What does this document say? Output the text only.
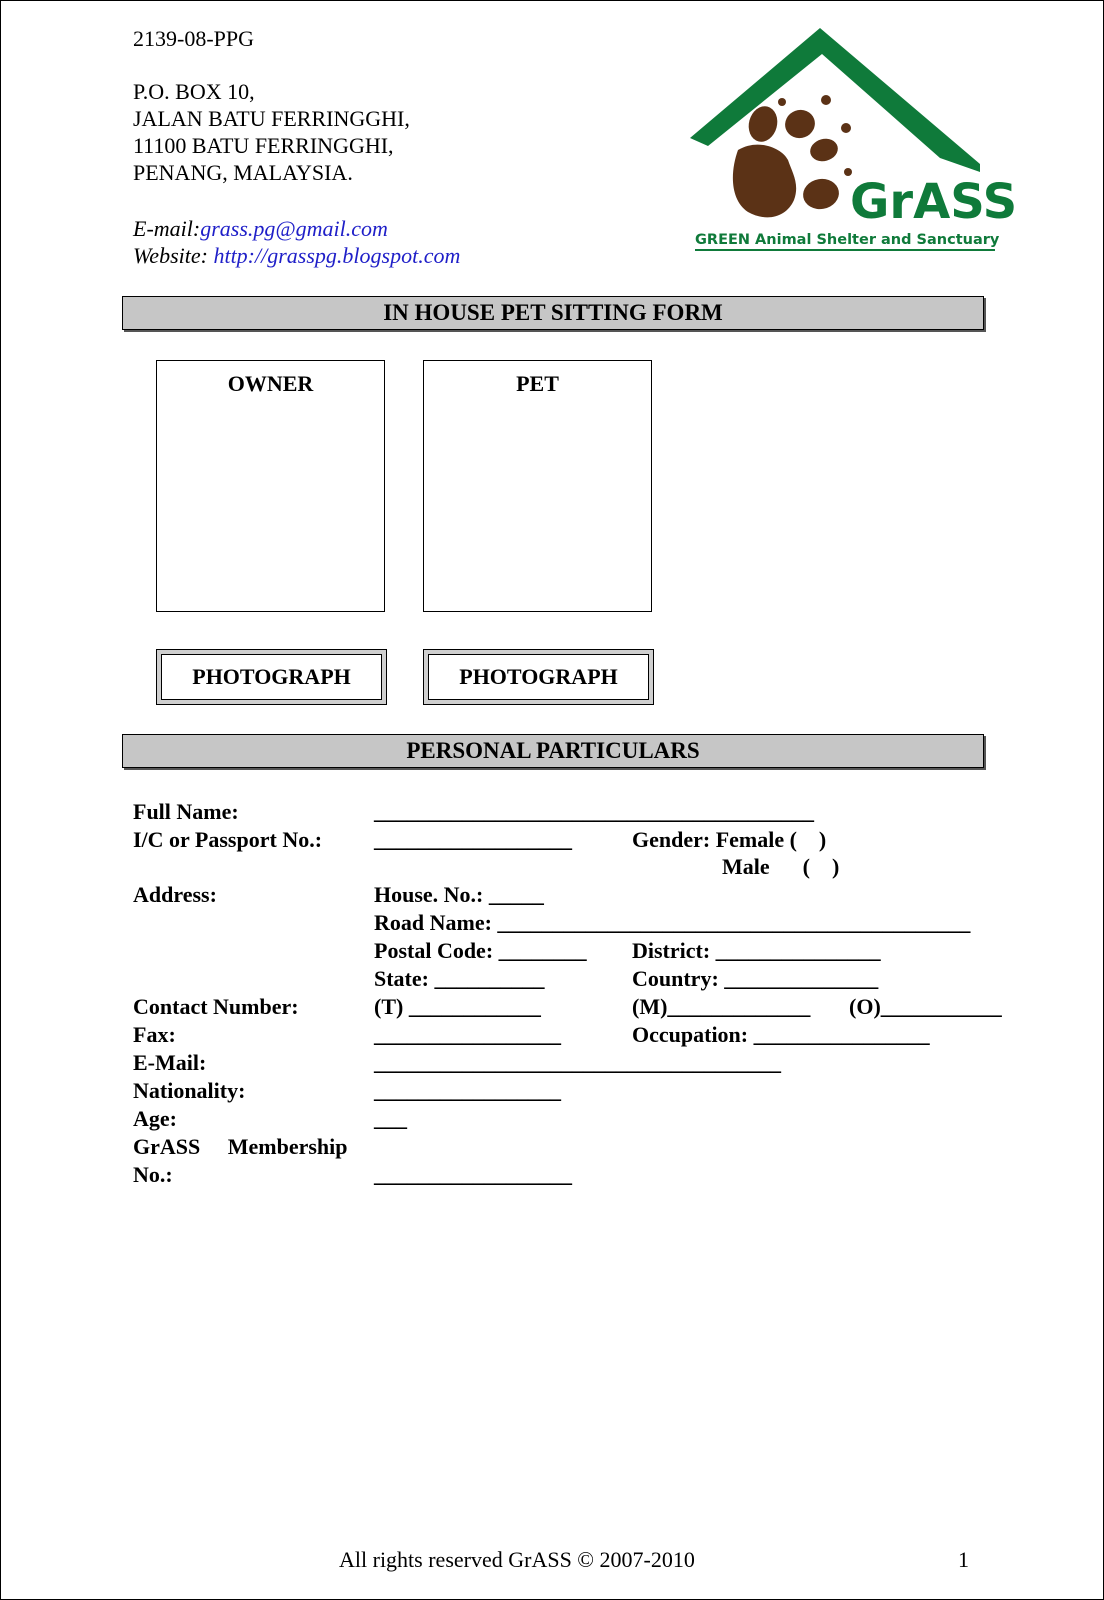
2139-08-PPG
P.O. BOX 10,
JALAN BATU FERRINGGHI,
11100 BATU FERRINGGHI,
PENANG, MALAYSIA.
E-mail:grass.pg@gmail.com
Website: http://grasspg.blogspot.com
GrASS
GREEN Animal Shelter and Sanctuary
IN HOUSE PET SITTING FORM
OWNER	PET
PHOTOGRAPH	PHOTOGRAPH
PERSONAL PARTICULARS
Full Name:	________________________________________
I/C or Passport No.: __________________	Gender: Female (    )
Male      (    )
Address:	House. No.: _____
Road Name: ___________________________________________
Postal Code: ________ District: _______________
State: __________	Country: ______________
Contact Number:	(T) ____________	(M)_____________ (O)___________
Fax:	_________________	Occupation: ________________
E-Mail:	_____________________________________
Nationality:	_________________
Age:	___
GrASS     Membership
No.:	__________________
All rights reserved GrASS © 2007-2010	1
